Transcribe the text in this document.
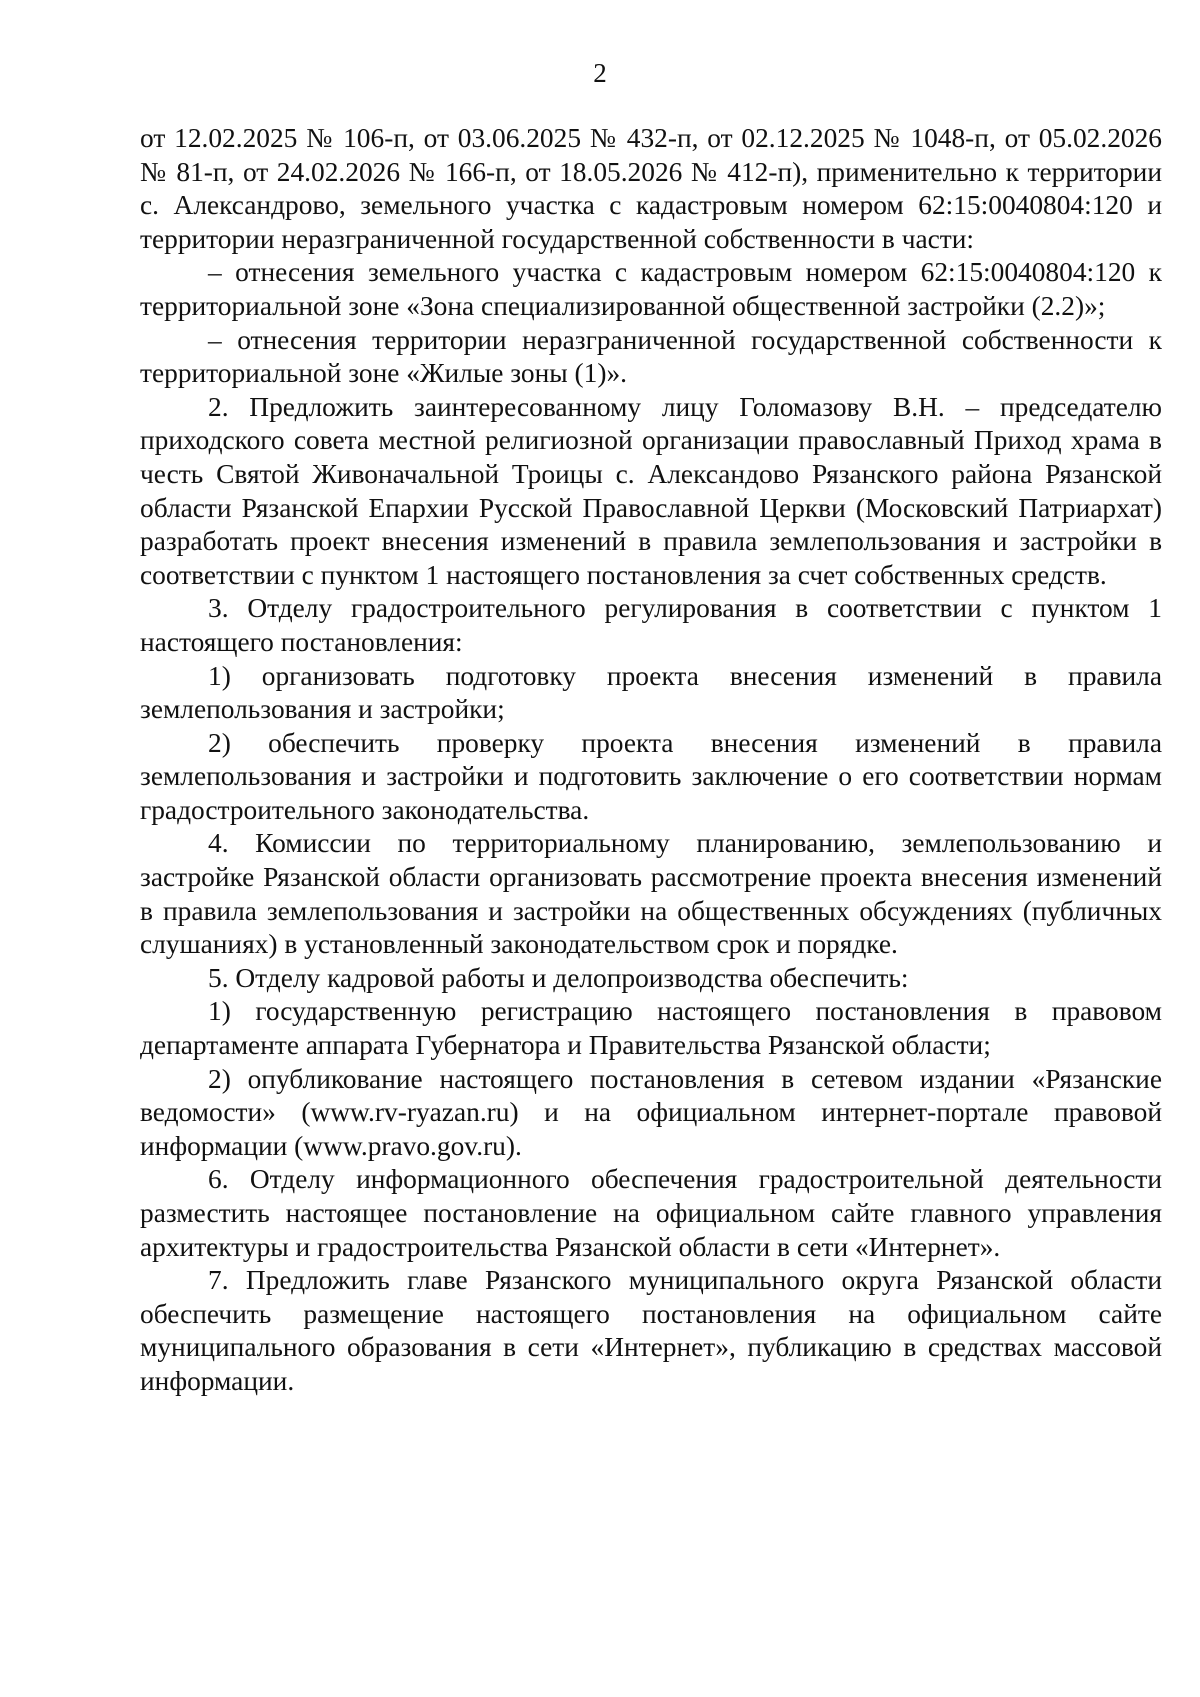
2

от 12.02.2025 № 106-п, от 03.06.2025 № 432-п, от 02.12.2025 № 1048-п, от 05.02.2026 № 81-п, от 24.02.2026 № 166-п, от 18.05.2026 № 412-п), применительно к территории с. Александрово, земельного участка с кадастровым номером 62:15:0040804:120 и территории неразграниченной государственной собственности в части:

– отнесения земельного участка с кадастровым номером 62:15:0040804:120 к территориальной зоне «Зона специализированной общественной застройки (2.2)»;

– отнесения территории неразграниченной государственной собственности к территориальной зоне «Жилые зоны (1)».

2. Предложить заинтересованному лицу Голомазову В.Н. – председателю приходского совета местной религиозной организации православный Приход храма в честь Святой Живоначальной Троицы с. Александово Рязанского района Рязанской области Рязанской Епархии Русской Православной Церкви (Московский Патриархат) разработать проект внесения изменений в правила землепользования и застройки в соответствии с пунктом 1 настоящего постановления за счет собственных средств.

3. Отделу градостроительного регулирования в соответствии с пунктом 1 настоящего постановления:

1) организовать подготовку проекта внесения изменений в правила землепользования и застройки;

2) обеспечить проверку проекта внесения изменений в правила землепользования и застройки и подготовить заключение о его соответствии нормам градостроительного законодательства.

4. Комиссии по территориальному планированию, землепользованию и застройке Рязанской области организовать рассмотрение проекта внесения изменений в правила землепользования и застройки на общественных обсуждениях (публичных слушаниях) в установленный законодательством срок и порядке.

5. Отделу кадровой работы и делопроизводства обеспечить:

1) государственную регистрацию настоящего постановления в правовом департаменте аппарата Губернатора и Правительства Рязанской области;

2) опубликование настоящего постановления в сетевом издании «Рязанские ведомости» (www.rv-ryazan.ru) и на официальном интернет-портале правовой информации (www.pravo.gov.ru).

6. Отделу информационного обеспечения градостроительной деятельности разместить настоящее постановление на официальном сайте главного управления архитектуры и градостроительства Рязанской области в сети «Интернет».

7. Предложить главе Рязанского муниципального округа Рязанской области обеспечить размещение настоящего постановления на официальном сайте муниципального образования в сети «Интернет», публикацию в средствах массовой информации.
